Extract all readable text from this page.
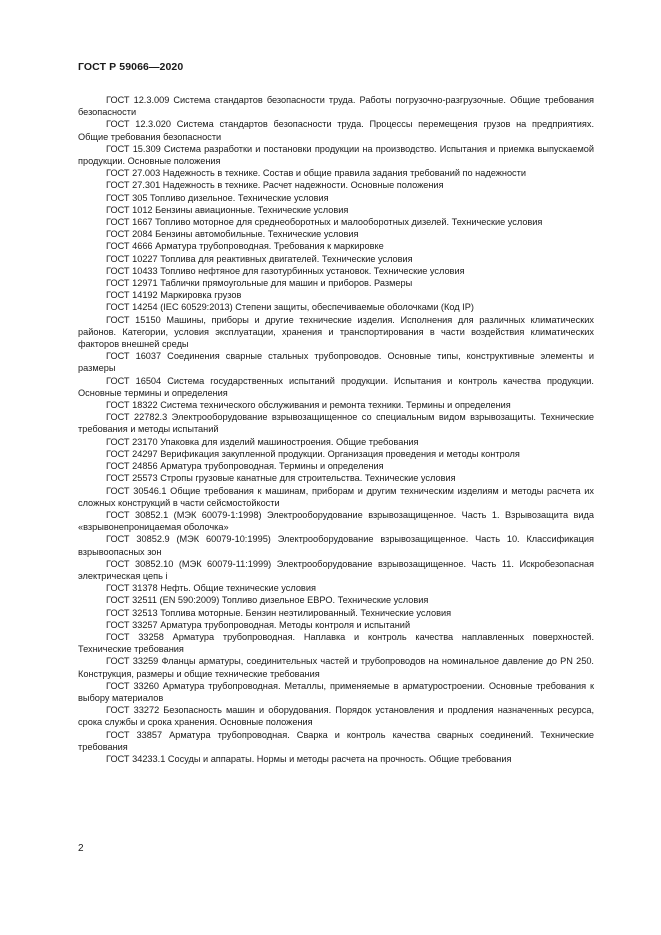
ГОСТ Р 59066—2020
ГОСТ 12.3.009 Система стандартов безопасности труда. Работы погрузочно-разгрузочные. Общие требования безопасности
ГОСТ 12.3.020 Система стандартов безопасности труда. Процессы перемещения грузов на предприятиях. Общие требования безопасности
ГОСТ 15.309 Система разработки и постановки продукции на производство. Испытания и приемка выпускаемой продукции. Основные положения
ГОСТ 27.003 Надежность в технике. Состав и общие правила задания требований по надежности
ГОСТ 27.301 Надежность в технике. Расчет надежности. Основные положения
ГОСТ 305 Топливо дизельное. Технические условия
ГОСТ 1012 Бензины авиационные. Технические условия
ГОСТ 1667 Топливо моторное для среднеоборотных и малооборотных дизелей. Технические условия
ГОСТ 2084 Бензины автомобильные. Технические условия
ГОСТ 4666 Арматура трубопроводная. Требования к маркировке
ГОСТ 10227 Топлива для реактивных двигателей. Технические условия
ГОСТ 10433 Топливо нефтяное для газотурбинных установок. Технические условия
ГОСТ 12971 Таблички прямоугольные для машин и приборов. Размеры
ГОСТ 14192 Маркировка грузов
ГОСТ 14254 (IEC 60529:2013) Степени защиты, обеспечиваемые оболочками (Код IP)
ГОСТ 15150 Машины, приборы и другие технические изделия. Исполнения для различных климатических районов. Категории, условия эксплуатации, хранения и транспортирования в части воздействия климатических факторов внешней среды
ГОСТ 16037 Соединения сварные стальных трубопроводов. Основные типы, конструктивные элементы и размеры
ГОСТ 16504 Система государственных испытаний продукции. Испытания и контроль качества продукции. Основные термины и определения
ГОСТ 18322 Система технического обслуживания и ремонта техники. Термины и определения
ГОСТ 22782.3 Электрооборудование взрывозащищенное со специальным видом взрывозащиты. Технические требования и методы испытаний
ГОСТ 23170 Упаковка для изделий машиностроения. Общие требования
ГОСТ 24297 Верификация закупленной продукции. Организация проведения и методы контроля
ГОСТ 24856 Арматура трубопроводная. Термины и определения
ГОСТ 25573 Стропы грузовые канатные для строительства. Технические условия
ГОСТ 30546.1 Общие требования к машинам, приборам и другим техническим изделиям и методы расчета их сложных конструкций в части сейсмостойкости
ГОСТ 30852.1 (МЭК 60079-1:1998) Электрооборудование взрывозащищенное. Часть 1. Взрывозащита вида «взрывонепроницаемая оболочка»
ГОСТ 30852.9 (МЭК 60079-10:1995) Электрооборудование взрывозащищенное. Часть 10. Классификация взрывоопасных зон
ГОСТ 30852.10 (МЭК 60079-11:1999) Электрооборудование взрывозащищенное. Часть 11. Искробезопасная электрическая цепь i
ГОСТ 31378 Нефть. Общие технические условия
ГОСТ 32511 (EN 590:2009) Топливо дизельное ЕВРО. Технические условия
ГОСТ 32513 Топлива моторные. Бензин неэтилированный. Технические условия
ГОСТ 33257 Арматура трубопроводная. Методы контроля и испытаний
ГОСТ 33258 Арматура трубопроводная. Наплавка и контроль качества наплавленных поверхностей. Технические требования
ГОСТ 33259 Фланцы арматуры, соединительных частей и трубопроводов на номинальное давление до PN 250. Конструкция, размеры и общие технические требования
ГОСТ 33260 Арматура трубопроводная. Металлы, применяемые в арматуростроении. Основные требования к выбору материалов
ГОСТ 33272 Безопасность машин и оборудования. Порядок установления и продления назначенных ресурса, срока службы и срока хранения. Основные положения
ГОСТ 33857 Арматура трубопроводная. Сварка и контроль качества сварных соединений. Технические требования
ГОСТ 34233.1 Сосуды и аппараты. Нормы и методы расчета на прочность. Общие требования
2
